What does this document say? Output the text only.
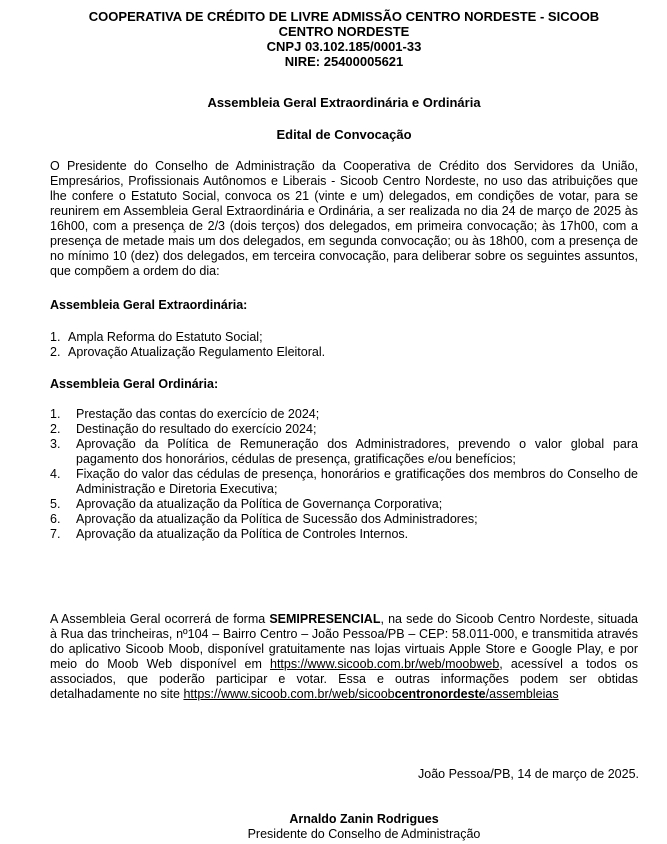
COOPERATIVA DE CRÉDITO DE LIVRE ADMISSÃO CENTRO NORDESTE - SICOOB
CENTRO NORDESTE
CNPJ 03.102.185/0001-33
NIRE: 25400005621
Assembleia Geral Extraordinária e Ordinária
Edital de Convocação
O Presidente do Conselho de Administração da Cooperativa de Crédito dos Servidores da União, Empresários, Profissionais Autônomos e Liberais - Sicoob Centro Nordeste, no uso das atribuições que lhe confere o Estatuto Social, convoca os 21 (vinte e um) delegados, em condições de votar, para se reunirem em Assembleia Geral Extraordinária e Ordinária, a ser realizada no dia 24 de março de 2025 às 16h00, com a presença de 2/3 (dois terços) dos delegados, em primeira convocação; às 17h00, com a presença de metade mais um dos delegados, em segunda convocação; ou às 18h00, com a presença de no mínimo 10 (dez) dos delegados, em terceira convocação, para deliberar sobre os seguintes assuntos, que compõem a ordem do dia:
Assembleia Geral Extraordinária:
1. Ampla Reforma do Estatuto Social;
2. Aprovação Atualização Regulamento Eleitoral.
Assembleia Geral Ordinária:
1. Prestação das contas do exercício de 2024;
2. Destinação do resultado do exercício 2024;
3. Aprovação da Política de Remuneração dos Administradores, prevendo o valor global para pagamento dos honorários, cédulas de presença, gratificações e/ou benefícios;
4. Fixação do valor das cédulas de presença, honorários e gratificações dos membros do Conselho de Administração e Diretoria Executiva;
5. Aprovação da atualização da Política de Governança Corporativa;
6. Aprovação da atualização da Política de Sucessão dos Administradores;
7. Aprovação da atualização da Política de Controles Internos.
A Assembleia Geral ocorrerá de forma SEMIPRESENCIAL, na sede do Sicoob Centro Nordeste, situada à Rua das trincheiras, nº104 – Bairro Centro – João Pessoa/PB – CEP: 58.011-000, e transmitida através do aplicativo Sicoob Moob, disponível gratuitamente nas lojas virtuais Apple Store e Google Play, e por meio do Moob Web disponível em https://www.sicoob.com.br/web/moobweb, acessível a todos os associados, que poderão participar e votar. Essa e outras informações podem ser obtidas detalhadamente no site https://www.sicoob.com.br/web/sicoobcentronordeste/assembleias
João Pessoa/PB, 14 de março de 2025.
Arnaldo Zanin Rodrigues
Presidente do Conselho de Administração
